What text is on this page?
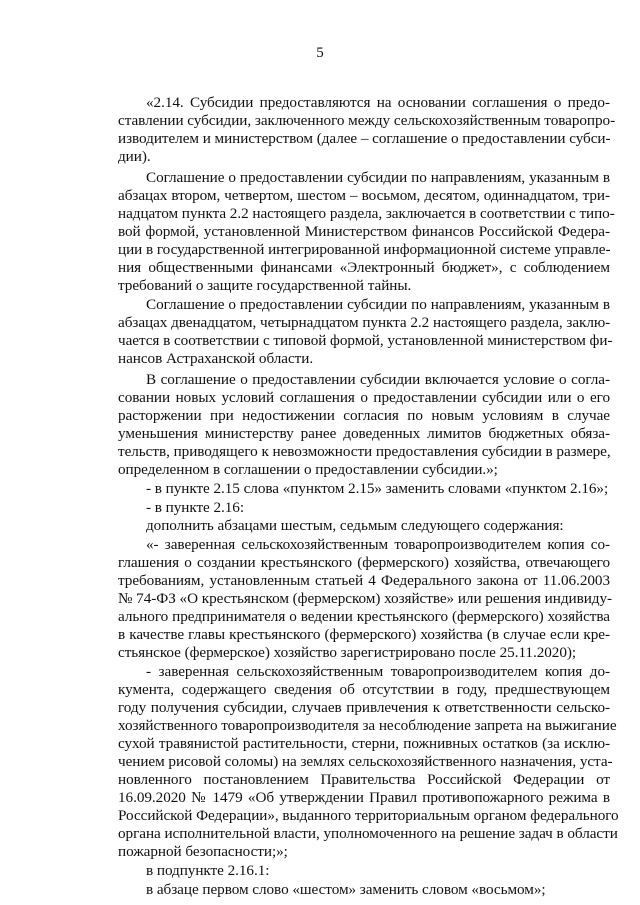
5
«2.14. Субсидии предоставляются на основании соглашения о предо-
ставлении субсидии, заключенного между сельскохозяйственным товаропро-
изводителем и министерством (далее – соглашение о предоставлении субси-
дии).
Соглашение о предоставлении субсидии по направлениям, указанным в
абзацах втором, четвертом, шестом – восьмом, десятом, одиннадцатом, три-
надцатом пункта 2.2 настоящего раздела, заключается в соответствии с типо-
вой формой, установленной Министерством финансов Российской Федера-
ции в государственной интегрированной информационной системе управле-
ния общественными финансами «Электронный бюджет», с соблюдением
требований о защите государственной тайны.
Соглашение о предоставлении субсидии по направлениям, указанным в
абзацах двенадцатом, четырнадцатом пункта 2.2 настоящего раздела, заклю-
чается в соответствии с типовой формой, установленной министерством фи-
нансов Астраханской области.
В соглашение о предоставлении субсидии включается условие о согла-
совании новых условий соглашения о предоставлении субсидии или о его
расторжении при недостижении согласия по новым условиям в случае
уменьшения министерству ранее доведенных лимитов бюджетных обяза-
тельств, приводящего к невозможности предоставления субсидии в размере,
определенном в соглашении о предоставлении субсидии.»;
- в пункте 2.15 слова «пунктом 2.15» заменить словами «пунктом 2.16»;
- в пункте 2.16:
дополнить абзацами шестым, седьмым следующего содержания:
«- заверенная сельскохозяйственным товаропроизводителем копия со-
глашения о создании крестьянского (фермерского) хозяйства, отвечающего
требованиям, установленным статьей 4 Федерального закона от 11.06.2003
№ 74-ФЗ «О крестьянском (фермерском) хозяйстве» или решения индивиду-
ального предпринимателя о ведении крестьянского (фермерского) хозяйства
в качестве главы крестьянского (фермерского) хозяйства (в случае если кре-
стьянское (фермерское) хозяйство зарегистрировано после 25.11.2020);
- заверенная сельскохозяйственным товаропроизводителем копия до-
кумента, содержащего сведения об отсутствии в году, предшествующем
году получения субсидии, случаев привлечения к ответственности сельско-
хозяйственного товаропроизводителя за несоблюдение запрета на выжигание
сухой травянистой растительности, стерни, пожнивных остатков (за исклю-
чением рисовой соломы) на землях сельскохозяйственного назначения, уста-
новленного постановлением Правительства Российской Федерации от
16.09.2020 № 1479 «Об утверждении Правил противопожарного режима в
Российской Федерации», выданного территориальным органом федерального
органа исполнительной власти, уполномоченного на решение задач в области
пожарной безопасности;»;
в подпункте 2.16.1:
в абзаце первом слово «шестом» заменить словом «восьмом»;
